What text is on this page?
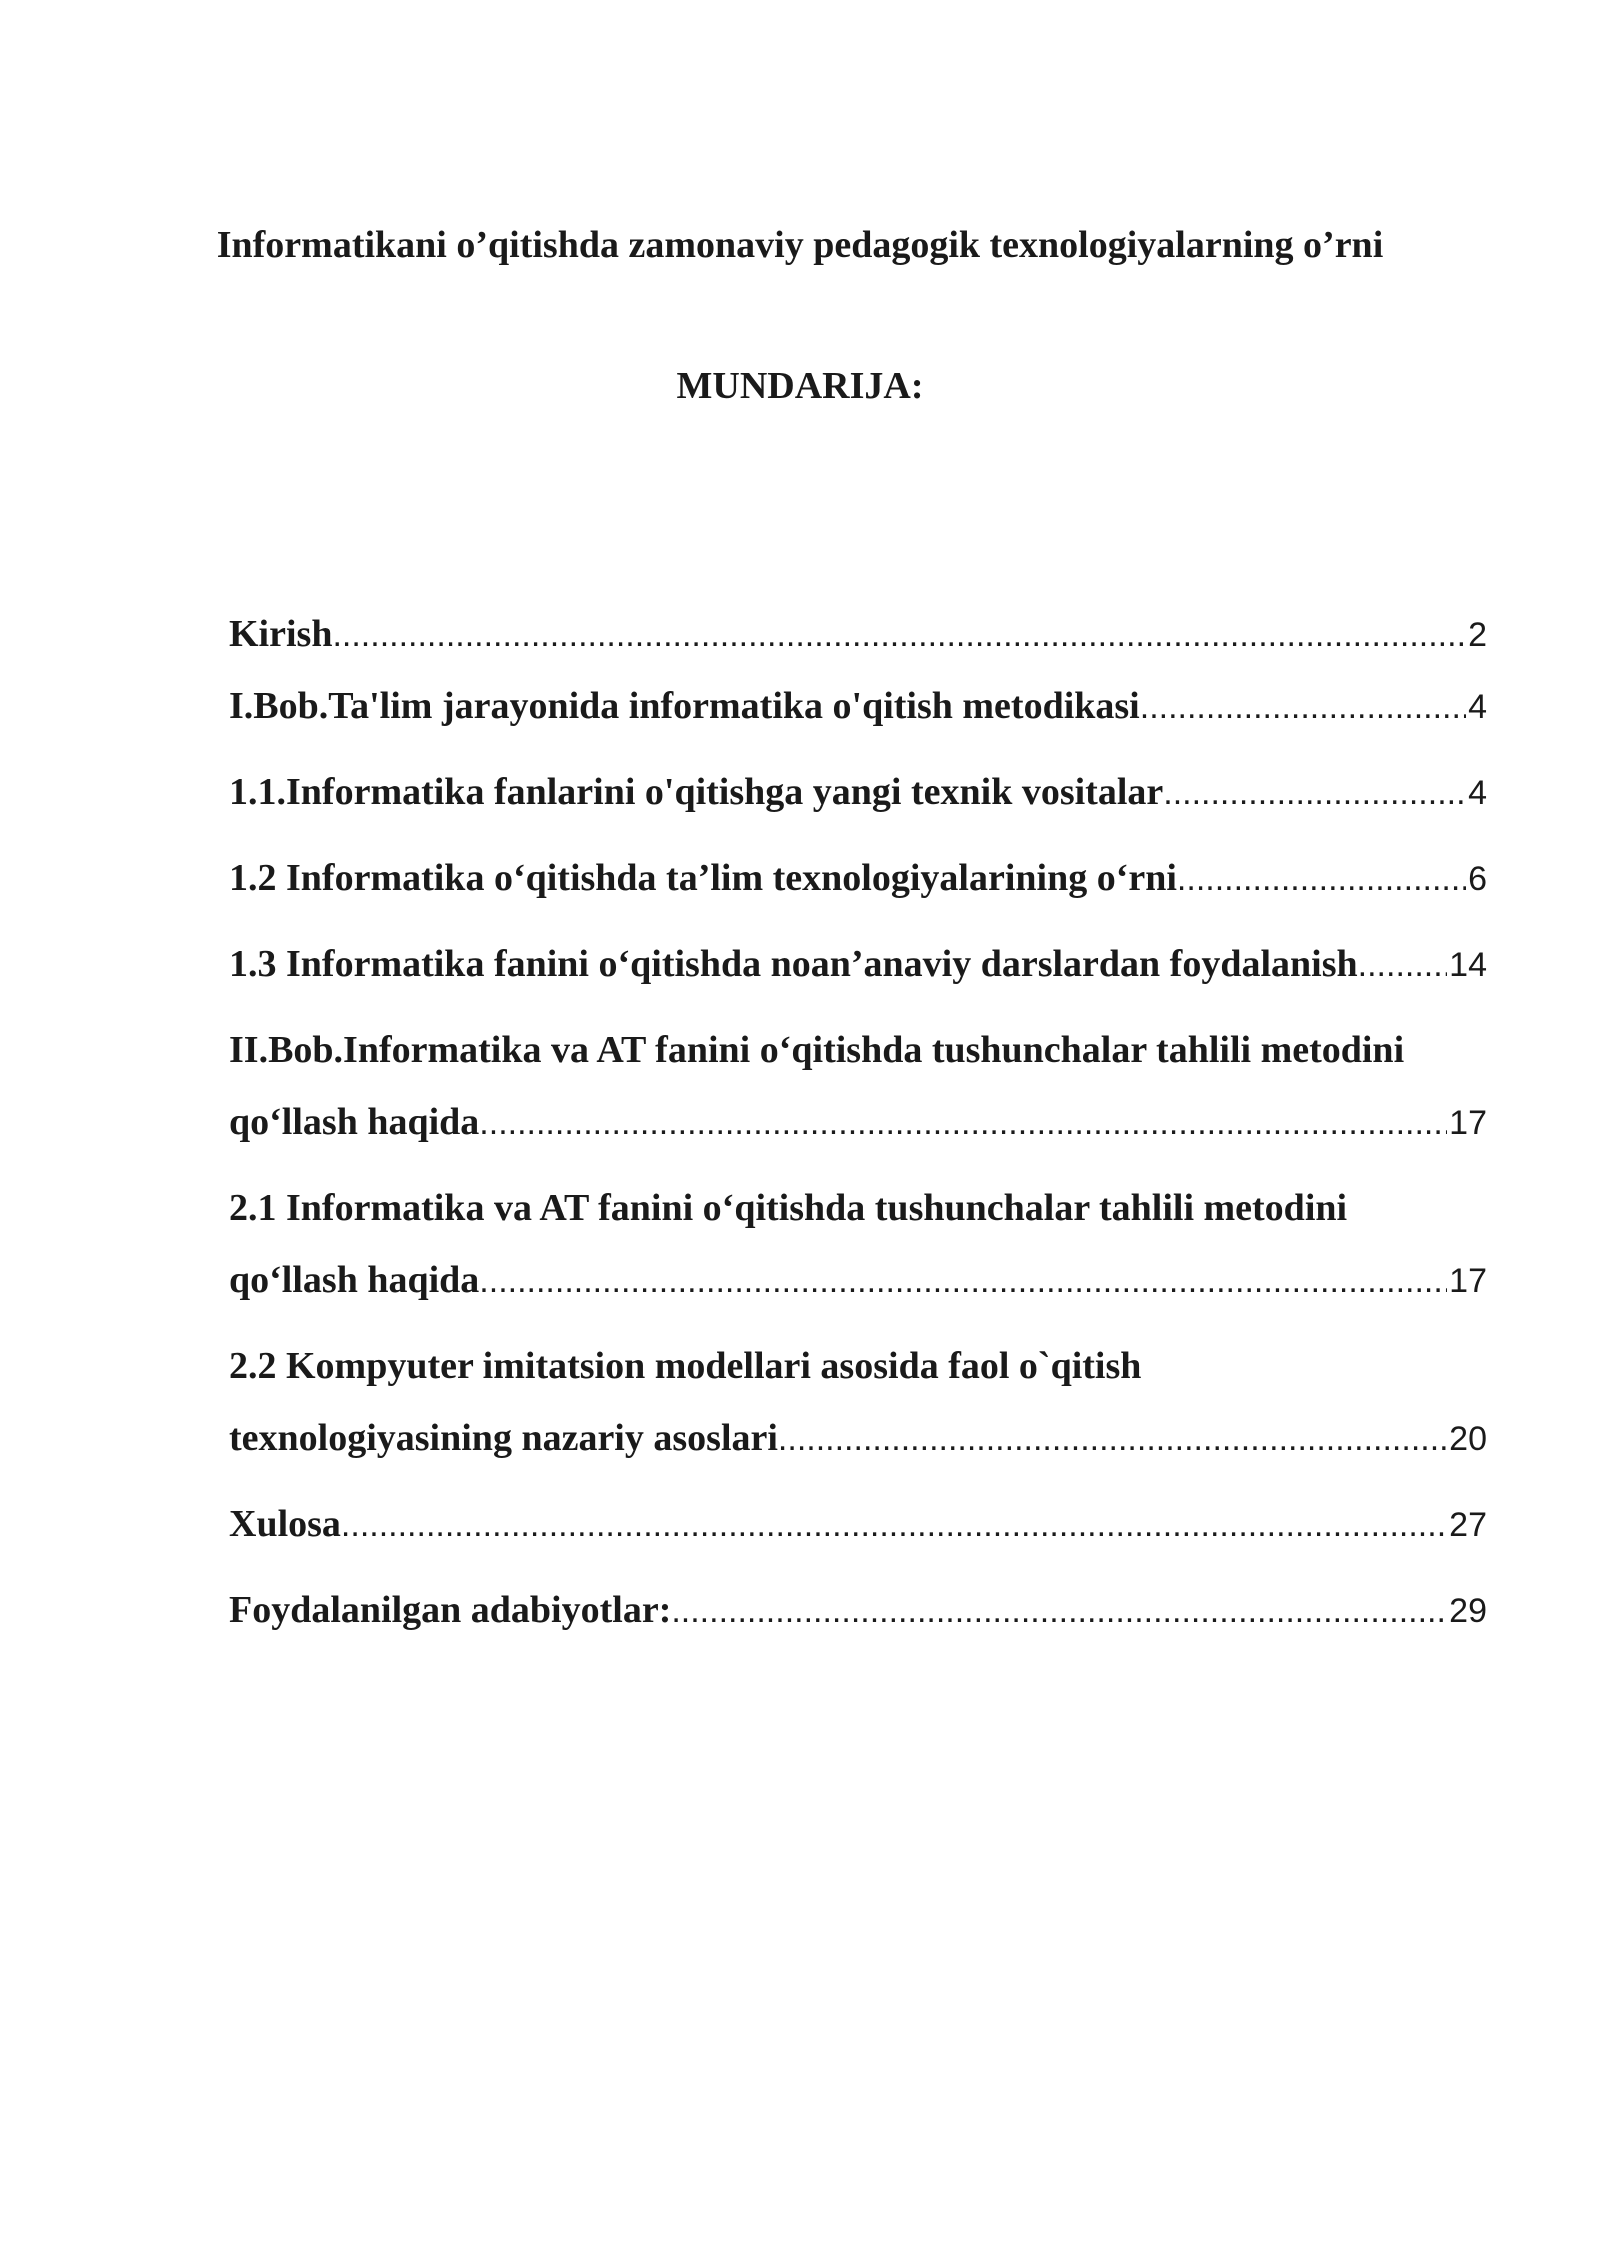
Informatikani o’qitishda zamonaviy pedagogik texnologiyalarning o’rni
MUNDARIJA:
Kirish .....	2
I.Bob.Ta'lim jarayonida informatika o'qitish metodikasi .....	4
1.1.Informatika fanlarini o'qitishga yangi texnik vositalar .....	4
1.2 Informatika o‘qitishda ta’lim texnologiyalarining o‘rni .....	6
1.3 Informatika fanini o‘qitishda noan’anaviy darslardan foydalanish .....	14
II.Bob.Informatika va AT fanini o‘qitishda tushunchalar tahlili metodini
qo‘llash haqida .....	17
2.1 Informatika va AT fanini o‘qitishda tushunchalar tahlili metodini
qo‘llash haqida .....	17
2.2 Kompyuter imitatsion modellari asosida faol o`qitish
texnologiyasining nazariy asoslari .....	20
Xulosa .....	27
Foydalanilgan adabiyotlar: .....	29
